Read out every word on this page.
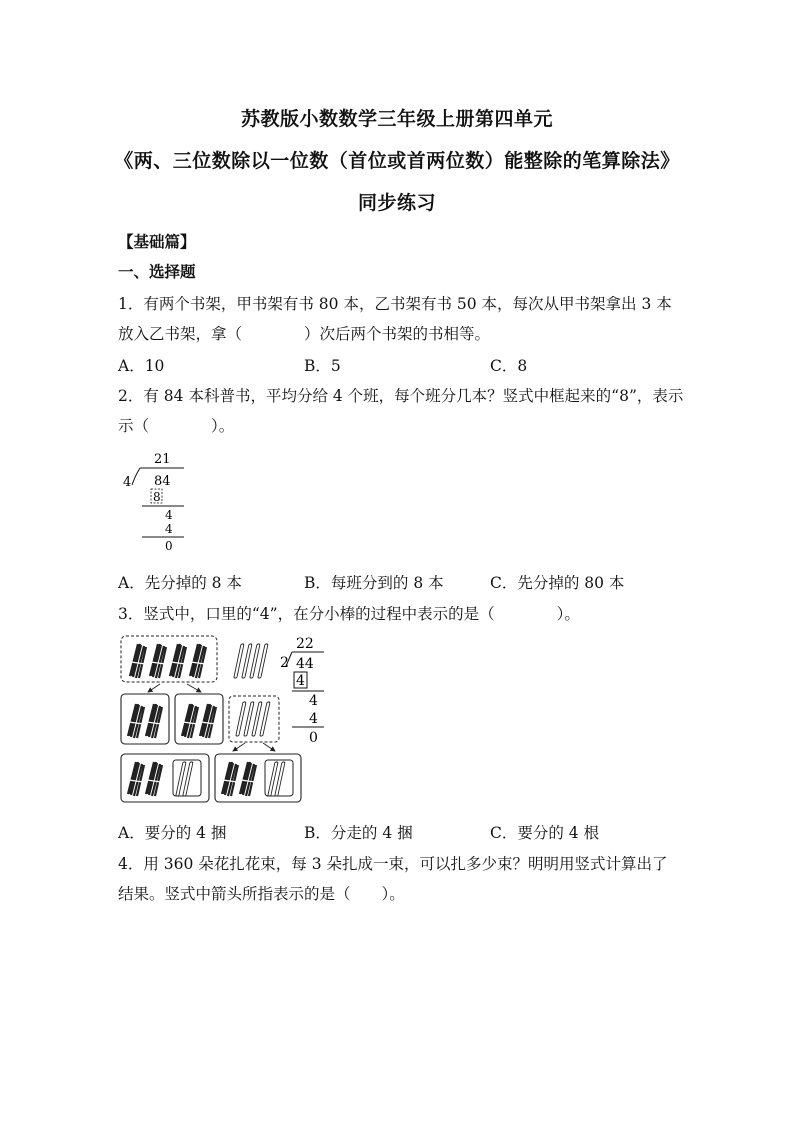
苏教版小数数学三年级上册第四单元
《两、三位数除以一位数（首位或首两位数）能整除的笔算除法》
同步练习
【基础篇】
一、选择题
1．有两个书架，甲书架有书 80 本，乙书架有书 50 本，每次从甲书架拿出 3 本
放入乙书架，拿（　　　　）次后两个书架的书相等。
A．10	B．5	C．8
2．有 84 本科普书，平均分给 4 个班，每个班分几本？竖式中框起来的“8”，表示
示（　　　　）。
21
4 84
8
4
4
0
A．先分掉的 8 本	B．每班分到的 8 本	C．先分掉的 80 本
3．竖式中，口里的“4”，在分小棒的过程中表示的是（　　　　）。
22
2 44
4
4
4
0
A．要分的 4 捆	B．分走的 4 捆	C．要分的 4 根
4．用 360 朵花扎花束，每 3 朵扎成一束，可以扎多少束？明明用竖式计算出了
结果。竖式中箭头所指表示的是（　　）。
